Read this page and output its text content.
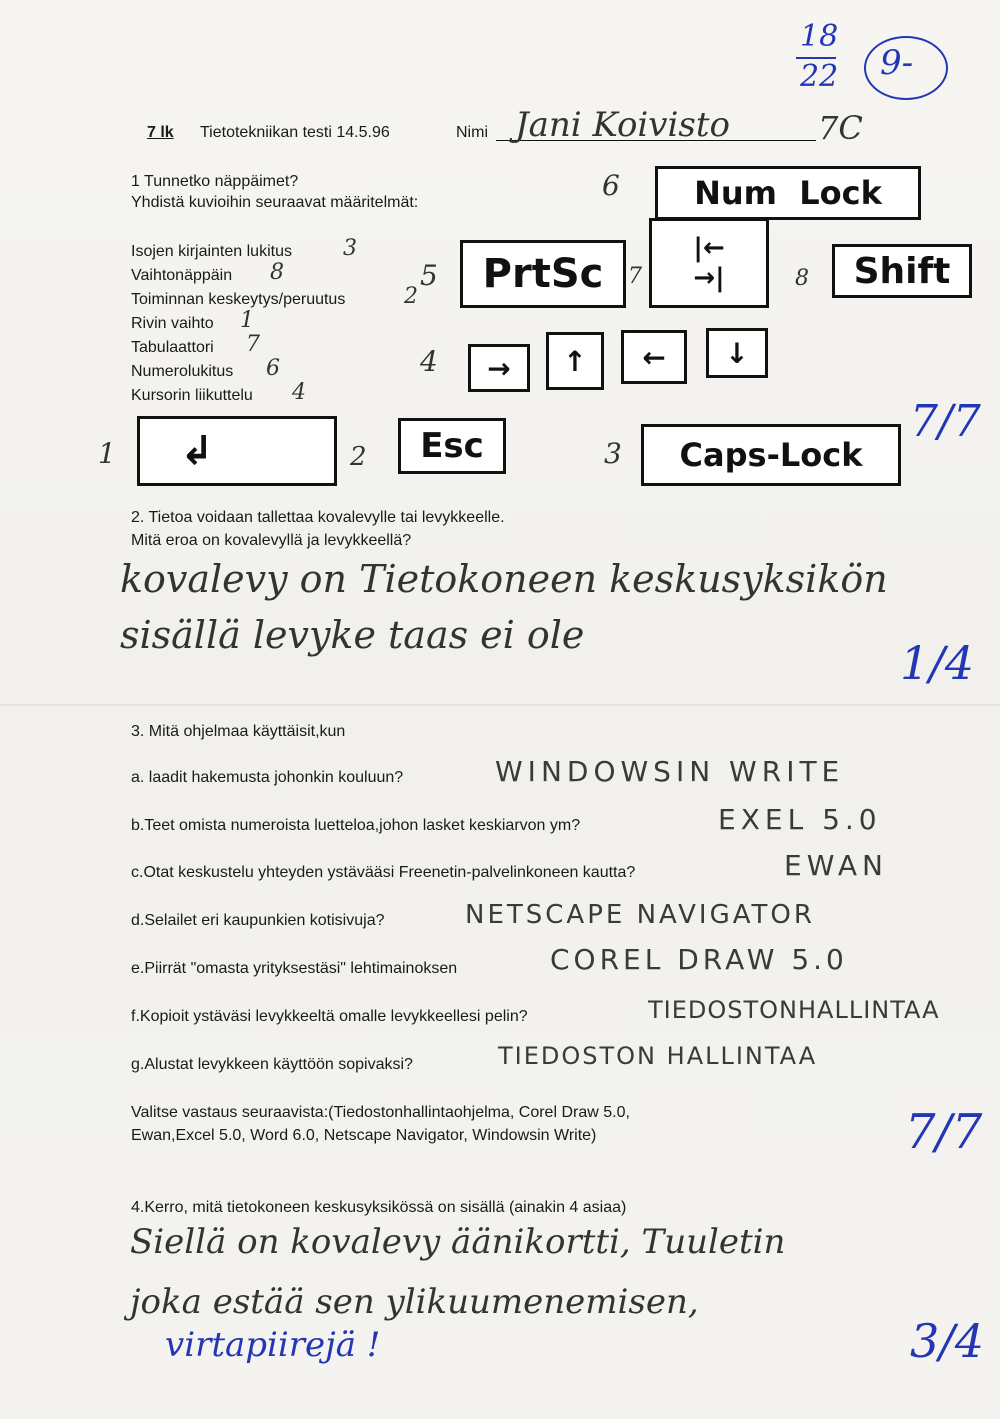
7 lk Tietotekniikan testi 14.5.96	Nimi Jani Koivisto	7C
18
22 9-
1 Tunnetko näppäimet?
Yhdistä kuvioihin seuraavat määritelmät:
Isojen kirjainten lukitus 3
Vaihtonäppäin 8
Toiminnan keskeytys/peruutus	2
Rivin vaihto 1
Tabulaattori 7
Numerolukitus 6
Kursorin liikuttelu 4
6	Num  Lock
5	PrtSc	7
|←
→|	8	Shift
4	→	↑	←	↓
1	↲	2	Esc	3	Caps-Lock
7/7
2. Tietoa voidaan tallettaa kovalevylle tai levykkeelle.
Mitä eroa on kovalevyllä ja levykkeellä?
kovalevy on Tietokoneen keskusyksikön
sisällä levyke taas ei ole
1/4
3. Mitä ohjelmaa käyttäisit,kun
a. laadit hakemusta johonkin kouluun?	WINDOWSIN WRITE
b.Teet omista numeroista luetteloa,johon lasket keskiarvon ym?	EXEL 5.0
c.Otat keskustelu yhteyden ystävääsi Freenetin-palvelinkoneen kautta?	EWAN
d.Selailet eri kaupunkien kotisivuja?	NETSCAPE NAVIGATOR
e.Piirrät "omasta yrityksestäsi" lehtimainoksen	COREL DRAW 5.0
f.Kopioit ystäväsi levykkeeltä omalle levykkeellesi pelin?	TIEDOSTONHALLINTAA
g.Alustat levykkeen käyttöön sopivaksi?	TIEDOSTON HALLINTAA
Valitse vastaus seuraavista:(Tiedostonhallintaohjelma, Corel Draw 5.0,
Ewan,Excel 5.0, Word 6.0, Netscape Navigator, Windowsin Write)	7/7
4.Kerro, mitä tietokoneen keskusyksikössä on sisällä (ainakin 4 asiaa)
Siellä on kovalevy äänikortti, Tuuletin
joka estää sen ylikuumenemisen,
virtapiirejä !	3/4
